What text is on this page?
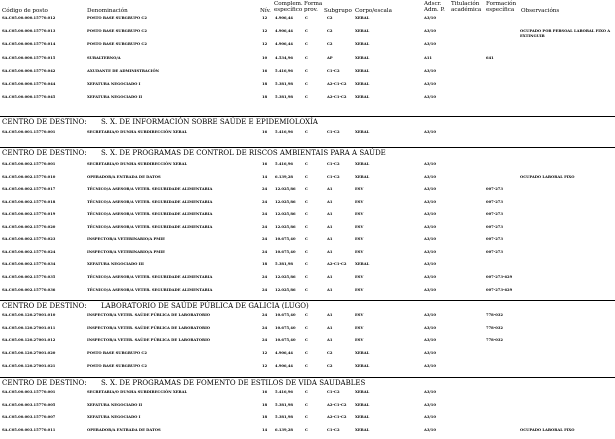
Código de posto	Denominación	Nív.
Complem.
específico
Forma
prov.	Subgrupo Corpo/escala
Adscr.
Adm. P.
Titulación
académica
Formación
específica	Observacións
SA.C05.00.000.15770.012	POSTO BASE SUBGRUPO C2	12 4.906,44	C	C2	XERAL	A3/10
SA.C05.00.000.15770.013	POSTO BASE SUBGRUPO C2	12 4.906,44	C	C2	XERAL	A3/10	OCUPADO POR PERSOAL LABORAL FIXO A EXTINGUIR
SA.C05.00.000.15770.014	POSTO BASE SUBGRUPO C2	12 4.906,44	C	C2	XERAL	A3/10
SA.C05.00.000.15770.015	SUBALTERNO/A	10 4.534,96	C	AP	XERAL	A11	641
SA.C05.00.000.15770.042	AXUDANTE DE ADMINISTRACIÓN	16 5.416,96	C	C1-C2	XERAL	A3/10
SA.C05.00.000.15770.044	XEFATURA NEGOCIADO I	18 5.381,98	C	A2-C1-C2 XERAL	A3/10
SA.C05.00.000.15770.045	XEFATURA NEGOCIADO II	18 5.381,98	C	A2-C1-C2 XERAL	A3/10
CENTRO DE DESTINO: S. X. DE INFORMACIÓN SOBRE SAÚDE E EPIDEMIOLOXÍA
SA.C05.00.001.15770.001	SECRETARIA/O DUNHA SUBDIRECCIÓN XERAL	16 5.416,96	C	C1-C2	XERAL	A3/10
CENTRO DE DESTINO: S. X. DE PROGRAMAS DE CONTROL DE RISCOS AMBIENTAIS PARA A SAÚDE
SA.C05.00.002.15770.001	SECRETARIA/O DUNHA SUBDIRECCIÓN XERAL	16 5.416,96	C	C1-C2	XERAL	A3/10
SA.C05.00.002.15770.010	OPERADOR/A ENTRADA DE DATOS	14 6.139,28	C	C1-C2	XERAL	A3/10	OCUPADO LABORAL FIXO
SA.C05.00.002.15770.017	TÉCNICO/A ASESOR/A VETER. SEGURIDADE ALIMENTARIA	24 12.025,86	C	A1	ESV	A3/10	007-273
SA.C05.00.002.15770.018	TÉCNICO/A ASESOR/A VETER. SEGURIDADE ALIMENTARIA	24 12.025,86	C	A1	ESV	A3/10	007-273
SA.C05.00.002.15770.019	TÉCNICO/A ASESOR/A VETER. SEGURIDADE ALIMENTARIA	24 12.025,86	C	A1	ESV	A3/10	007-273
SA.C05.00.002.15770.020	TÉCNICO/A ASESOR/A VETER. SEGURIDADE ALIMENTARIA	24 12.025,86	C	A1	ESV	A3/10	007-273
SA.C05.00.002.15770.023	INSPECTOR/A VETERINARIO/A PMIE	24 10.675,40	C	A1	ESV	A3/10	007-273
SA.C05.00.002.15770.024	INSPECTOR/A VETERINARIO/A PMIE	24 10.675,40	C	A1	ESV	A3/10	007-273
SA.C05.00.002.15770.034	XEFATURA NEGOCIADO III	18 5.381,98	C	A2-C1-C2 XERAL	A3/10
SA.C05.00.002.15770.035	TÉCNICO/A ASESOR/A VETER. SEGURIDADE ALIMENTARIA	24 12.025,86	C	A1	ESV	A3/10	007-273-629
SA.C05.00.002.15770.036	TÉCNICO/A ASESOR/A VETER. SEGURIDADE ALIMENTARIA	24 12.025,86	C	A1	ESV	A3/10	007-273-629
CENTRO DE DESTINO: LABORATORIO DE SAÚDE PÚBLICA DE GALICIA (LUGO)
SA.C05.00.120.27001.010	INSPECTOR/A VETER. SAÚDE PÚBLICA DE LABORATORIO	24 10.675,40	C	A1	ESV	A3/10	778-032
SA.C05.00.120.27001.011	INSPECTOR/A VETER. SAÚDE PÚBLICA DE LABORATORIO	24 10.675,40	C	A1	ESV	A3/10	778-032
SA.C05.00.120.27001.012	INSPECTOR/A VETER. SAÚDE PÚBLICA DE LABORATORIO	24 10.675,40	C	A1	ESV	A3/10	778-032
SA.C05.00.120.27001.020	POSTO BASE SUBGRUPO C2	12 4.906,44	C	C2	XERAL	A3/10
SA.C05.00.120.27001.021	POSTO BASE SUBGRUPO C2	12 4.906,44	C	C2	XERAL	A3/10
CENTRO DE DESTINO: S. X. DE PROGRAMAS DE FOMENTO DE ESTILOS DE VIDA SAUDABLES
SA.C05.00.003.15770.001	SECRETARIA/O DUNHA SUBDIRECCIÓN XERAL	16 5.416,96	C	C1-C2	XERAL	A3/10
SA.C05.00.003.15770.005	XEFATURA NEGOCIADO II	18 5.381,98	C	A2-C1-C2 XERAL	A3/10
SA.C05.00.003.15770.007	XEFATURA NEGOCIADO I	18 5.381,98	C	A2-C1-C2 XERAL	A3/10
SA.C05.00.003.15770.011	OPERADOR/A ENTRADA DE DATOS	14 6.139,28	C	C1-C2	XERAL	A3/10	OCUPADO LABORAL FIXO
